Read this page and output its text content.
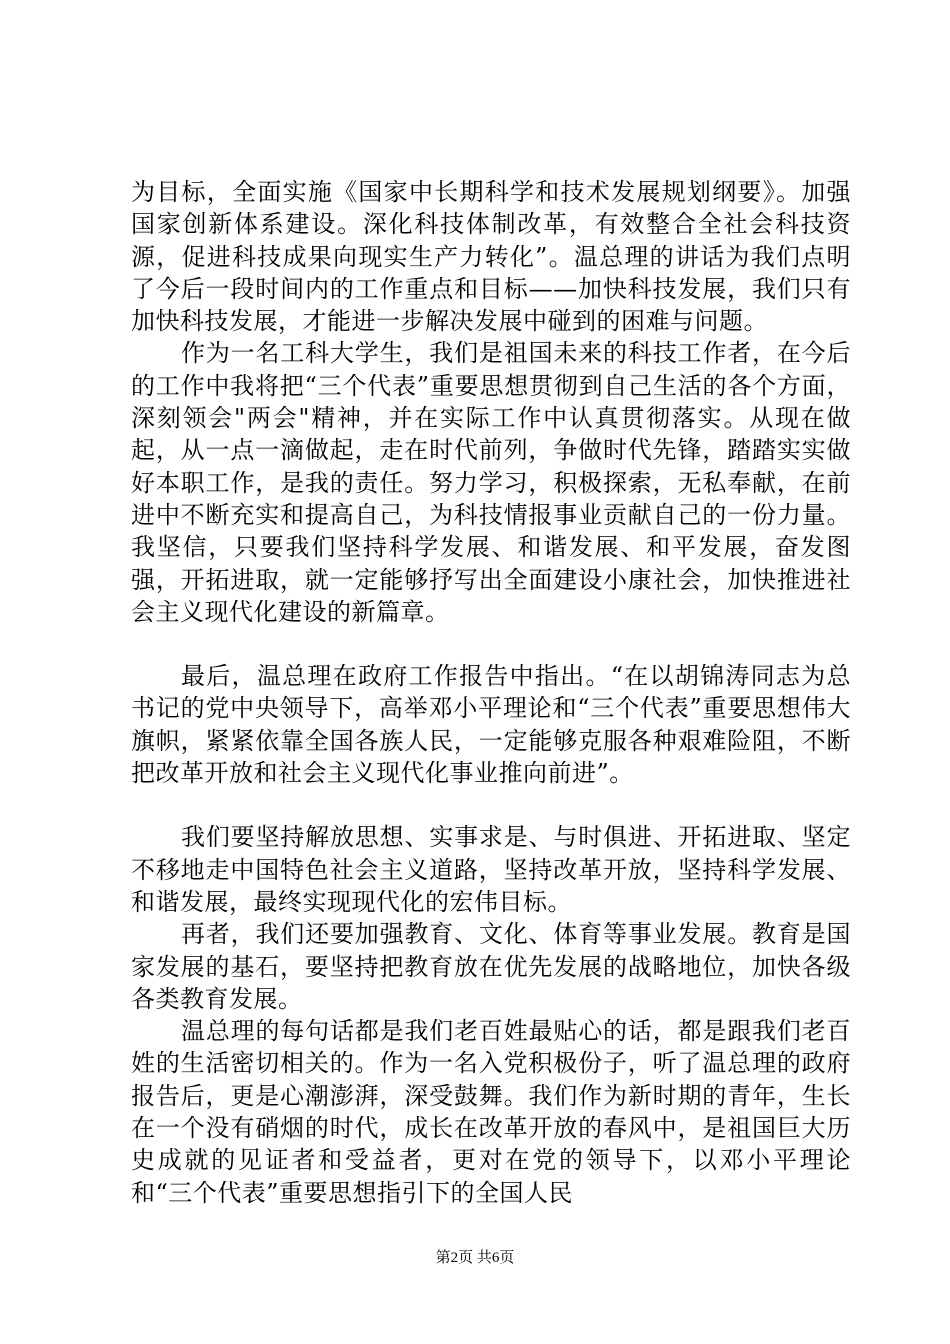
为目标，全面实施《国家中长期科学和技术发展规划纲要》。加强国家创新体系建设。深化科技体制改革，有效整合全社会科技资源，促进科技成果向现实生产力转化”。温总理的讲话为我们点明了今后一段时间内的工作重点和目标——加快科技发展，我们只有加快科技发展，才能进一步解决发展中碰到的困难与问题。

作为一名工科大学生，我们是祖国未来的科技工作者，在今后的工作中我将把“三个代表”重要思想贯彻到自己生活的各个方面，深刻领会"两会"精神，并在实际工作中认真贯彻落实。从现在做起，从一点一滴做起，走在时代前列，争做时代先锋，踏踏实实做好本职工作，是我的责任。努力学习，积极探索，无私奉献，在前进中不断充实和提高自己，为科技情报事业贡献自己的一份力量。我坚信，只要我们坚持科学发展、和谐发展、和平发展，奋发图强，开拓进取，就一定能够抒写出全面建设小康社会，加快推进社会主义现代化建设的新篇章。

最后，温总理在政府工作报告中指出。“在以胡锦涛同志为总书记的党中央领导下，高举邓小平理论和“三个代表”重要思想伟大旗帜，紧紧依靠全国各族人民，一定能够克服各种艰难险阻，不断把改革开放和社会主义现代化事业推向前进”。

我们要坚持解放思想、实事求是、与时俱进、开拓进取、坚定不移地走中国特色社会主义道路，坚持改革开放，坚持科学发展、和谐发展，最终实现现代化的宏伟目标。

再者，我们还要加强教育、文化、体育等事业发展。教育是国家发展的基石，要坚持把教育放在优先发展的战略地位，加快各级各类教育发展。

温总理的每句话都是我们老百姓最贴心的话，都是跟我们老百姓的生活密切相关的。作为一名入党积极份子，听了温总理的政府报告后，更是心潮澎湃，深受鼓舞。我们作为新时期的青年，生长在一个没有硝烟的时代，成长在改革开放的春风中，是祖国巨大历史成就的见证者和受益者，更对在党的领导下，以邓小平理论和“三个代表”重要思想指引下的全国人民

第2页 共6页
